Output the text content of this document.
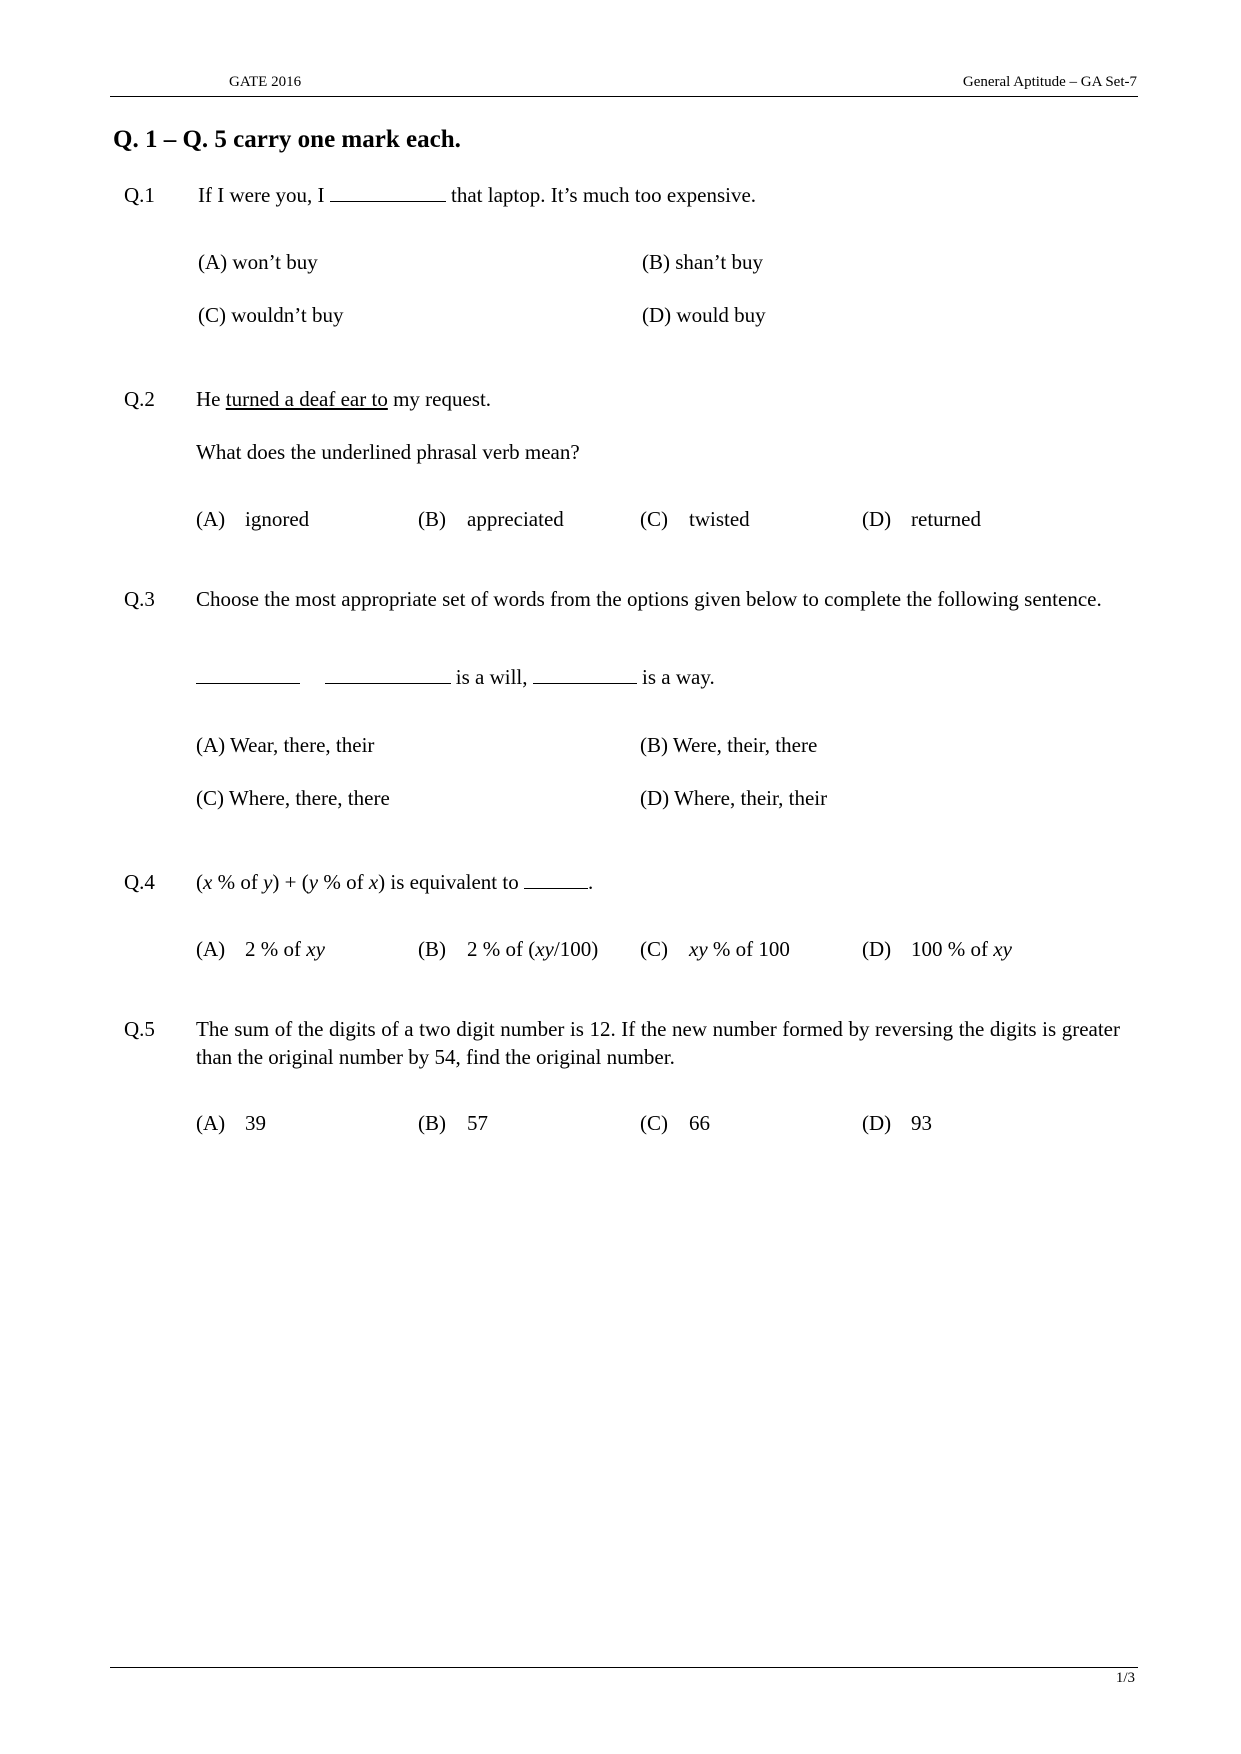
GATE 2016	General Aptitude – GA Set-7
Q. 1 – Q. 5 carry one mark each.
Q.1 If I were you, I	that laptop. It’s much too expensive.
(A) won’t buy	(B) shan’t buy
(C) wouldn’t buy	(D) would buy
Q.2 He turned a deaf ear to my request.
What does the underlined phrasal verb mean?
(A) ignored	(B) appreciated	(C) twisted	(D) returned
Q.3 Choose the most appropriate set of words from the options given below to complete the following sentence.
is a will,	is a way.
(A) Wear, there, their	(B) Were, their, there
(C) Where, there, there	(D) Where, their, their
Q.4 (x % of y) + (y % of x) is equivalent to	.
(A) 2 % of xy	(B) 2 % of (xy/100) (C) xy % of 100	(D) 100 % of xy
Q.5 The sum of the digits of a two digit number is 12. If the new number formed by reversing the digits is greater than the original number by 54, find the original number.
(A) 39	(B) 57	(C) 66	(D) 93
1/3
